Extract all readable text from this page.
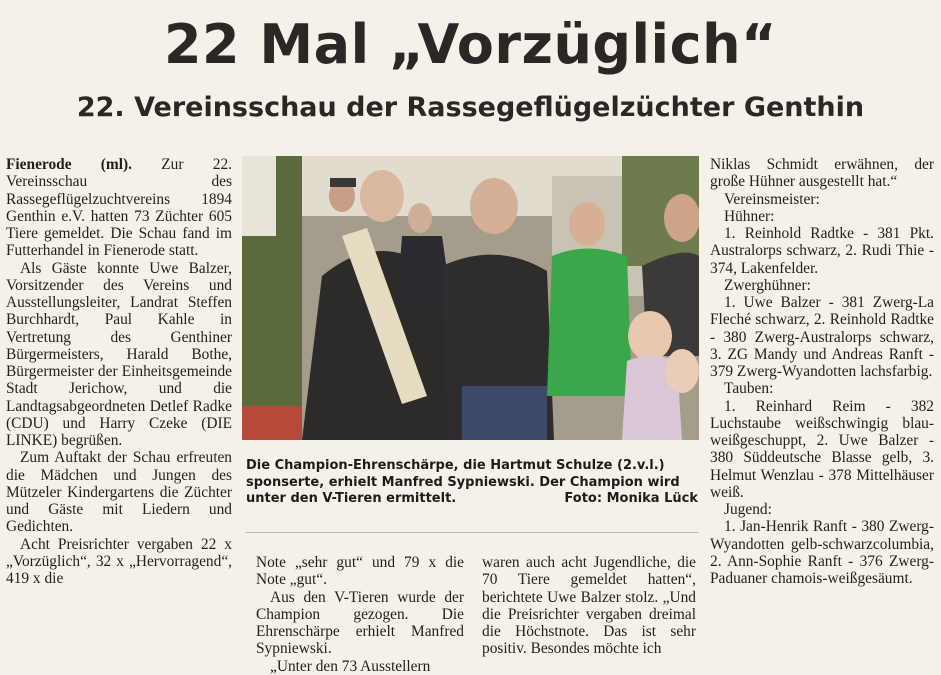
22 Mal „Vorzüglich“
22. Vereinsschau der Rassegeflügelzüchter Genthin

Fienerode (ml). Zur 22. Vereinsschau des Rassegeflügelzuchtvereins 1894 Genthin e.V. hatten 73 Züchter 605 Tiere gemeldet. Die Schau fand im Futterhandel in Fienerode statt.

Als Gäste konnte Uwe Balzer, Vorsitzender des Vereins und Ausstellungsleiter, Landrat Steffen Burchhardt, Paul Kahle in Vertretung des Genthiner Bürgermeisters, Harald Bothe, Bürgermeister der Einheitsgemeinde Stadt Jerichow, und die Landtagsabgeordneten Detlef Radke (CDU) und Harry Czeke (DIE LINKE) begrüßen.

Zum Auftakt der Schau erfreuten die Mädchen und Jungen des Mützeler Kindergartens die Züchter und Gäste mit Liedern und Gedichten.

Acht Preisrichter vergaben 22 x „Vorzüglich“, 32 x „Hervorragend“, 419 x die

Die Champion-Ehrenschärpe, die Hartmut Schulze (2.v.l.) sponserte, erhielt Manfred Sypniewski. Der Champion wird unter den V-Tieren ermittelt.	Foto: Monika Lück

Note „sehr gut“ und 79 x die Note „gut“.

Aus den V-Tieren wurde der Champion gezogen. Die Ehrenschärpe erhielt Manfred Sypniewski.

„Unter den 73 Ausstellern

waren auch acht Jugendliche, die 70 Tiere gemeldet hatten“, berichtete Uwe Balzer stolz. „Und die Preisrichter vergaben dreimal die Höchstnote. Das ist sehr positiv. Besondes möchte ich

Niklas Schmidt erwähnen, der große Hühner ausgestellt hat.“

Vereinsmeister:

Hühner:

1. Reinhold Radtke - 381 Pkt. Australorps schwarz, 2. Rudi Thie - 374, Lakenfelder.

Zwerghühner:

1. Uwe Balzer - 381 Zwerg-La Fleché schwarz, 2. Reinhold Radtke - 380 Zwerg-Australorps schwarz, 3. ZG Mandy und Andreas Ranft - 379 Zwerg-Wyandotten lachsfarbig.

Tauben:

1. Reinhard Reim - 382 Luchstaube weißschwingig blau-weißgeschuppt, 2. Uwe Balzer - 380 Süddeutsche Blasse gelb, 3. Helmut Wenzlau - 378 Mittelhäuser weiß.

Jugend:

1. Jan-Henrik Ranft - 380 Zwerg-Wyandotten gelb-schwarzcolumbia, 2. Ann-Sophie Ranft - 376 Zwerg-Paduaner chamois-weißgesäumt.
